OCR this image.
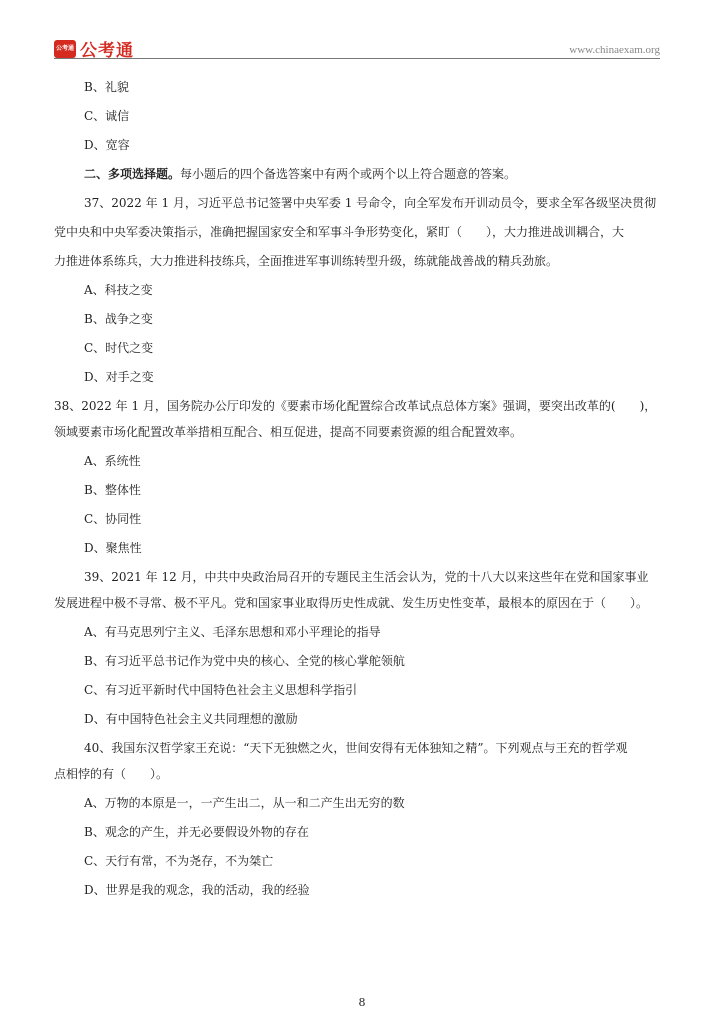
公考通 公考通	www.chinaexam.org
B、礼貌
C、诚信
D、宽容
二、多项选择题。每小题后的四个备选答案中有两个或两个以上符合题意的答案。
37、2022 年 1 月，习近平总书记签署中央军委 1 号命令，向全军发布开训动员令，要求全军各级坚决贯彻
党中央和中央军委决策指示，准确把握国家安全和军事斗争形势变化，紧盯（　　），大力推进战训耦合，大
力推进体系练兵，大力推进科技练兵，全面推进军事训练转型升级，练就能战善战的精兵劲旅。
A、科技之变
B、战争之变
C、时代之变
D、对手之变
38、2022 年 1 月，国务院办公厅印发的《要素市场化配置综合改革试点总体方案》强调，要突出改革的(　　)，
领域要素市场化配置改革举措相互配合、相互促进，提高不同要素资源的组合配置效率。
A、系统性
B、整体性
C、协同性
D、聚焦性
39、2021 年 12 月，中共中央政治局召开的专题民主生活会认为，党的十八大以来这些年在党和国家事业
发展进程中极不寻常、极不平凡。党和国家事业取得历史性成就、发生历史性变革，最根本的原因在于（　　）。
A、有马克思列宁主义、毛泽东思想和邓小平理论的指导
B、有习近平总书记作为党中央的核心、全党的核心掌舵领航
C、有习近平新时代中国特色社会主义思想科学指引
D、有中国特色社会主义共同理想的激励
40、我国东汉哲学家王充说：“天下无独燃之火，世间安得有无体独知之精”。下列观点与王充的哲学观
点相悖的有（　　）。
A、万物的本原是一，一产生出二，从一和二产生出无穷的数
B、观念的产生，并无必要假设外物的存在
C、天行有常，不为尧存，不为桀亡
D、世界是我的观念，我的活动，我的经验
8
